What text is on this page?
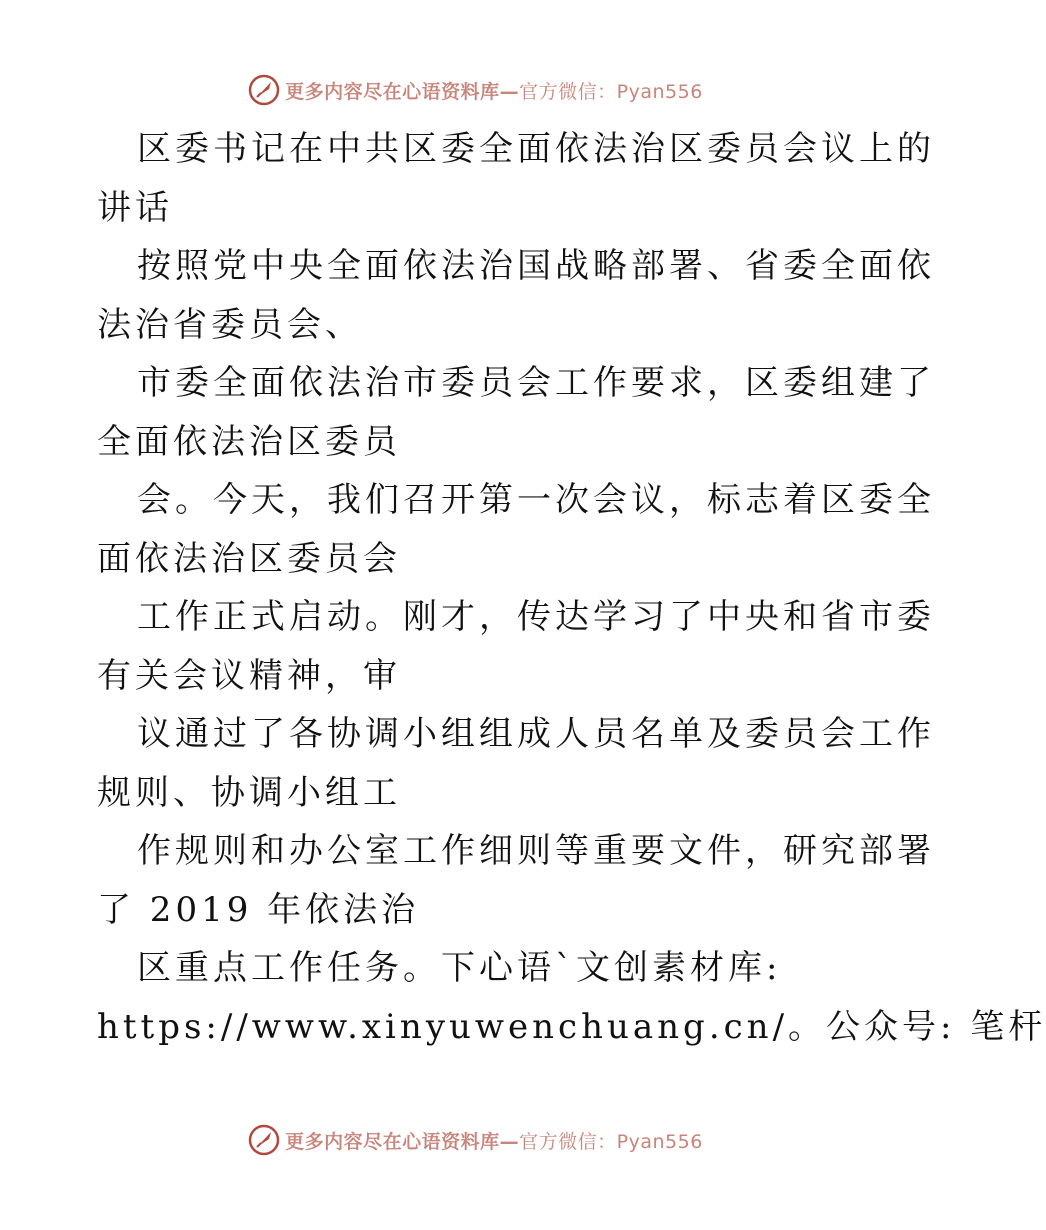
更多内容尽在心语资料库— 官方微信：Pyan556
区委书记在中共区委全面依法治区委员会议上的
讲话
按照党中央全面依法治国战略部署、省委全面依
法治省委员会、
市委全面依法治市委员会工作要求，区委组建了
全面依法治区委员
会。今天，我们召开第一次会议，标志着区委全
面依法治区委员会
工作正式启动。刚才，传达学习了中央和省市委
有关会议精神，审
议通过了各协调小组组成人员名单及委员会工作
规则、协调小组工
作规则和办公室工作细则等重要文件，研究部署
了 2019 年依法治
区重点工作任务。下心语`文创素材库:
https://www.xinyuwenchuang.cn/。公众号: 笔杆
更多内容尽在心语资料库— 官方微信：Pyan556
